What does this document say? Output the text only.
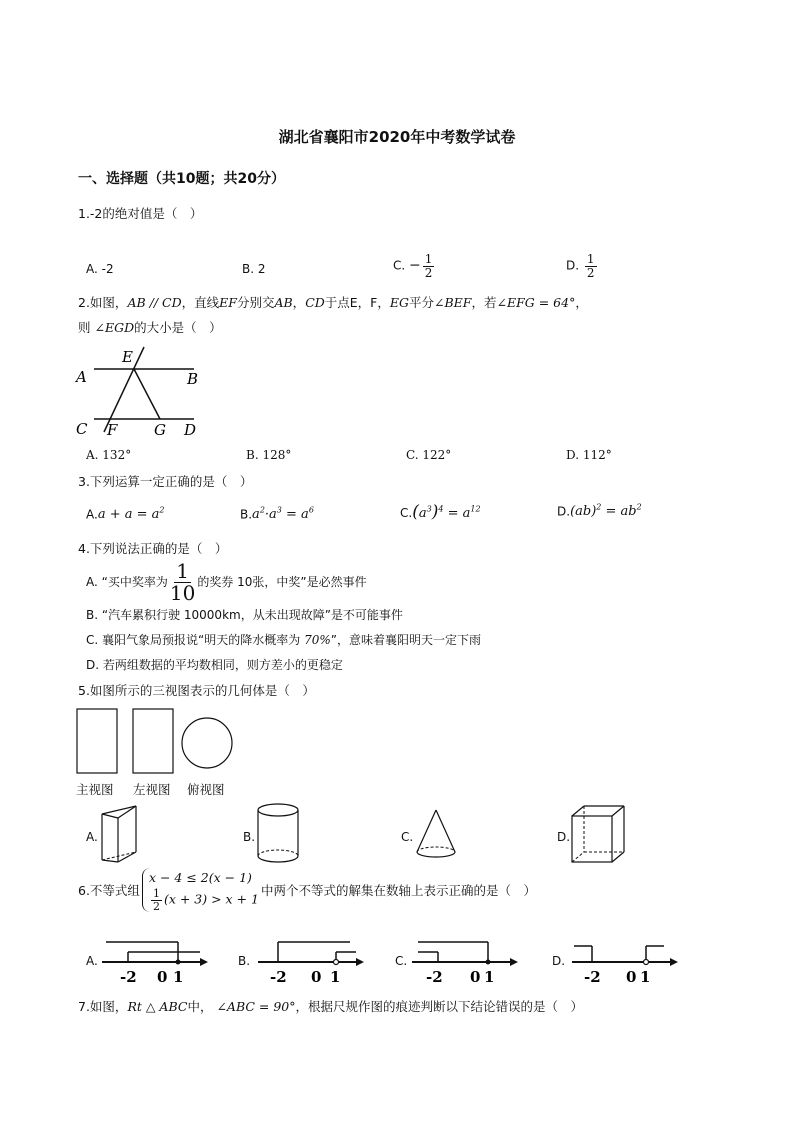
湖北省襄阳市2020年中考数学试卷
一、选择题（共10题；共20分）
1.-2的绝对值是（　）
A. -2	B. 2	C. − $\frac{1}{2}$	D. $\frac{1}{2}$
2.如图，AB // CD，直线EF分别交AB，CD于点E，F，EG平分∠BEF，若∠EFG = 64°，
则 ∠EGD的大小是（　）
A	B
C	D
E
F G
A. 132°	B. 128°	C. 122°	D. 112°
3.下列运算一定正确的是（　）
$A.a + a = a^2$	$B.a^2\cdot a^3 = a^6$	$C.(a^3)^4 = a^{12}$	$D.(ab)^2 = ab^2$
4.下列说法正确的是（　）
A. “买中奖率为 $\frac{1}{10}$ 的奖券 10张，中奖”是必然事件
B. “汽车累积行驶 10000km，从未出现故障”是不可能事件
C. 襄阳气象局预报说“明天的降水概率为 70%”，意味着襄阳明天一定下雨
D. 若两组数据的平均数相同，则方差小的更稳定
5.如图所示的三视图表示的几何体是（　）
主视图 左视图 俯视图
A.	B.	C.	D.
6.不等式组
x − 4 ≤ 2(x − 1)
$\frac{1}{2} (x + 3) > x + 1$
中两个不等式的解集在数轴上表示正确的是（　）
A.
-2 0 1
B.
-2 0 1
C.
-2 0 1
D.
-2 0 1
7.如图，Rt △ ABC中， ∠ABC = 90°，根据尺规作图的痕迹判断以下结论错误的是（　）
